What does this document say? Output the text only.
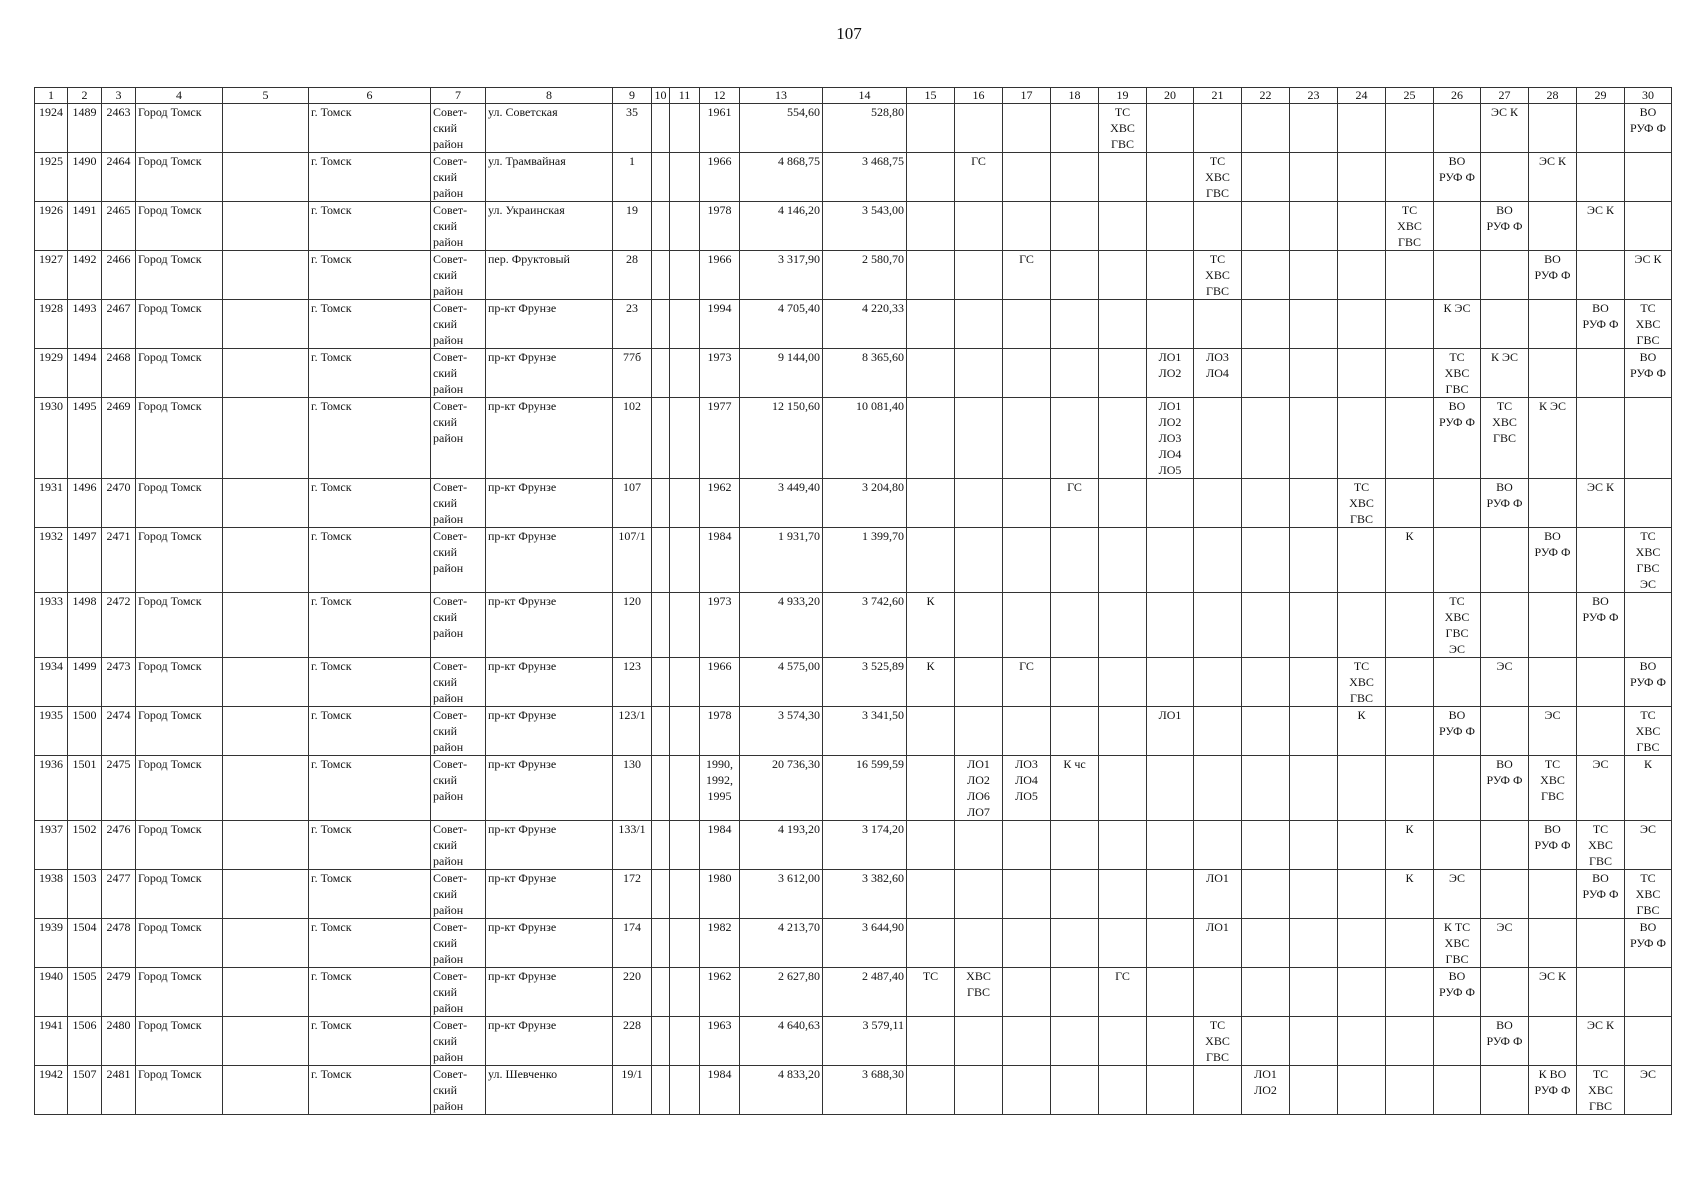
107
1	2	3	4	5	6	7	8	9	10	11	12	13	14	15	16	17	18	19	20	21	22	23	24	25	26	27	28	29	30
1924	1489	2463	Город Томск		г. Томск	Совет-
ский
район	ул. Советская	35			1961	554,60	528,80					ТС
ХВС
ГВС								ЭС К			ВО
РУФ Ф
1925	1490	2464	Город Томск		г. Томск	Совет-
ский
район	ул. Трамвайная	1			1966	4 868,75	3 468,75		ГС					ТС
ХВС
ГВС					ВО
РУФ Ф		ЭС К		
1926	1491	2465	Город Томск		г. Томск	Совет-
ский
район	ул. Украинская	19			1978	4 146,20	3 543,00											ТС
ХВС
ГВС		ВО
РУФ Ф		ЭС К	
1927	1492	2466	Город Томск		г. Томск	Совет-
ский
район	пер. Фруктовый	28			1966	3 317,90	2 580,70			ГС				ТС
ХВС
ГВС							ВО
РУФ Ф		ЭС К
1928	1493	2467	Город Томск		г. Томск	Совет-
ский
район	пр-кт Фрунзе	23			1994	4 705,40	4 220,33												К ЭС			ВО
РУФ Ф	ТС
ХВС
ГВС
1929	1494	2468	Город Томск		г. Томск	Совет-
ский
район	пр-кт Фрунзе	77б			1973	9 144,00	8 365,60						ЛО1
ЛО2	ЛО3
ЛО4					ТС
ХВС
ГВС	К ЭС			ВО
РУФ Ф
1930	1495	2469	Город Томск		г. Томск	Совет-
ский
район	пр-кт Фрунзе	102			1977	12 150,60	10 081,40						ЛО1
ЛО2
ЛО3
ЛО4
ЛО5						ВО
РУФ Ф	ТС
ХВС
ГВС	К ЭС		
1931	1496	2470	Город Томск		г. Томск	Совет-
ский
район	пр-кт Фрунзе	107			1962	3 449,40	3 204,80				ГС						ТС
ХВС
ГВС			ВО
РУФ Ф		ЭС К	
1932	1497	2471	Город Томск		г. Томск	Совет-
ский
район	пр-кт Фрунзе	107/1			1984	1 931,70	1 399,70											К			ВО
РУФ Ф		ТС
ХВС
ГВС
ЭС
1933	1498	2472	Город Томск		г. Томск	Совет-
ский
район	пр-кт Фрунзе	120			1973	4 933,20	3 742,60	К											ТС
ХВС
ГВС
ЭС			ВО
РУФ Ф	
1934	1499	2473	Город Томск		г. Томск	Совет-
ский
район	пр-кт Фрунзе	123			1966	4 575,00	3 525,89	К		ГС							ТС
ХВС
ГВС			ЭС			ВО
РУФ Ф
1935	1500	2474	Город Томск		г. Томск	Совет-
ский
район	пр-кт Фрунзе	123/1			1978	3 574,30	3 341,50						ЛО1				К		ВО
РУФ Ф		ЭС		ТС
ХВС
ГВС
1936	1501	2475	Город Томск		г. Томск	Совет-
ский
район	пр-кт Фрунзе	130			1990,
1992,
1995	20 736,30	16 599,59		ЛО1
ЛО2
ЛО6
ЛО7	ЛО3
ЛО4
ЛО5	К чс									ВО
РУФ Ф	ТС
ХВС
ГВС	ЭС	К
1937	1502	2476	Город Томск		г. Томск	Совет-
ский
район	пр-кт Фрунзе	133/1			1984	4 193,20	3 174,20											К			ВО
РУФ Ф	ТС
ХВС
ГВС	ЭС
1938	1503	2477	Город Томск		г. Томск	Совет-
ский
район	пр-кт Фрунзе	172			1980	3 612,00	3 382,60							ЛО1				К	ЭС			ВО
РУФ Ф	ТС
ХВС
ГВС
1939	1504	2478	Город Томск		г. Томск	Совет-
ский
район	пр-кт Фрунзе	174			1982	4 213,70	3 644,90							ЛО1					К ТС
ХВС
ГВС	ЭС			ВО
РУФ Ф
1940	1505	2479	Город Томск		г. Томск	Совет-
ский
район	пр-кт Фрунзе	220			1962	2 627,80	2 487,40	ТС	ХВС
ГВС			ГС							ВО
РУФ Ф		ЭС К		
1941	1506	2480	Город Томск		г. Томск	Совет-
ский
район	пр-кт Фрунзе	228			1963	4 640,63	3 579,11							ТС
ХВС
ГВС						ВО
РУФ Ф		ЭС К	
1942	1507	2481	Город Томск		г. Томск	Совет-
ский
район	ул. Шевченко	19/1			1984	4 833,20	3 688,30								ЛО1
ЛО2						К ВО
РУФ Ф	ТС
ХВС
ГВС	ЭС
